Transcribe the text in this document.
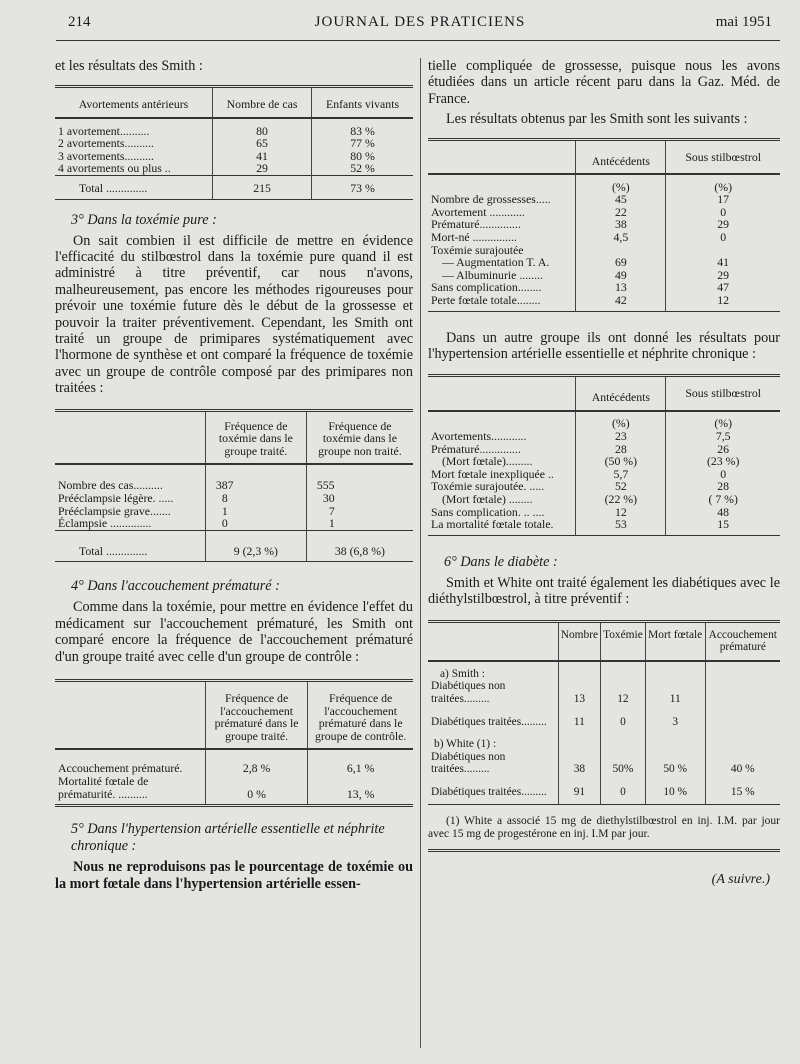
214	JOURNAL DES PRATICIENS	mai 1951

et les résultats des Smith :

Avortements antérieurs	Nombre de cas	Enfants vivants

1 avortement..........	80	83 %
2 avortements..........	65	77 %
3 avortements..........	41	80 %
4 avortements ou plus ..	29	52 %

Total ..............	215	73 %

3° Dans la toxémie pure :

On sait combien il est difficile de mettre en évidence l'efficacité du stilbœstrol dans la toxémie pure quand il est administré à titre préventif, car nous n'avons, malheureusement, pas encore les méthodes rigoureuses pour prévoir une toxémie future dès le début de la grossesse et pouvoir la traiter préventivement. Cependant, les Smith ont traité un groupe de primipares systématiquement avec l'hormone de synthèse et ont comparé la fréquence de toxémie avec un groupe de contrôle composé par des primipares non traitées :

	Fréquence de toxémie dans le groupe traité.	Fréquence de toxémie dans le groupe non traité.

Nombre des cas..........	387	555
Prééclampsie légère. .....	8	30
Prééclampsie grave.......	1	7
Éclampsie ..............	0	1

Total ..............	9 (2,3 %)	38 (6,8 %)

4° Dans l'accouchement prématuré :

Comme dans la toxémie, pour mettre en évidence l'effet du médicament sur l'accouchement prématuré, les Smith ont comparé encore la fréquence de l'accouchement prématuré d'un groupe traité avec celle d'un groupe de contrôle :

	Fréquence de l'accouchement prématuré dans le groupe traité.	Fréquence de l'accouchement prématuré dans le groupe de contrôle.

Accouchement prématuré.	2,8 %	6,1 %
Mortalité fœtale de prématurité. ..........	0 %	13, %

5° Dans l'hypertension artérielle essentielle et néphrite chronique :

Nous ne reproduisons pas le pourcentage de toxémie ou la mort fœtale dans l'hypertension artérielle essen-

tielle compliquée de grossesse, puisque nous les avons étudiées dans un article récent paru dans la Gaz. Méd. de France.

Les résultats obtenus par les Smith sont les suivants :

	Antécédents	Sous stilbœstrol
	(%)	(%)
Nombre de grossesses.....	45	17
Avortement ............	22	0
Prématuré..............	38	29
Mort-né ...............	4,5	0
Toxémie surajoutée		
— Augmentation T. A.	69	41
— Albuminurie ........	49	29
Sans complication........	13	47
Perte fœtale totale........	42	12

Dans un autre groupe ils ont donné les résultats pour l'hypertension artérielle essentielle et néphrite chronique :

	Antécédents	Sous stilbœstrol
	(%)	(%)
Avortements............	23	7,5
Prématuré..............	28	26
(Mort fœtale).........	(50 %)	(23 %)
Mort fœtale inexpliquée ..	5,7	0
Toxémie surajoutée. .....	52	28
(Mort fœtale) ........	(22 %)	( 7 %)
Sans complication. .. ....	12	48
La mortalité fœtale totale.	53	15

6° Dans le diabète :

Smith et White ont traité également les diabétiques avec le diéthylstilbœstrol, à titre préventif :

	Nombre	Toxémie	Mort fœtale	Accouchement prématuré
a) Smith :				
Diabétiques non traitées.........	13	12	11	

Diabétiques traitées.........	11	0	3	
b) White (1) :				
Diabétiques non traitées.........	38	50%	50 %	40 %

Diabétiques traitées.........	91	0	10 %	15 %

(1) White a associé 15 mg de diethylstilbœstrol en inj. I.M. par jour avec 15 mg de progestérone en inj. I.M par jour.

(A suivre.)
